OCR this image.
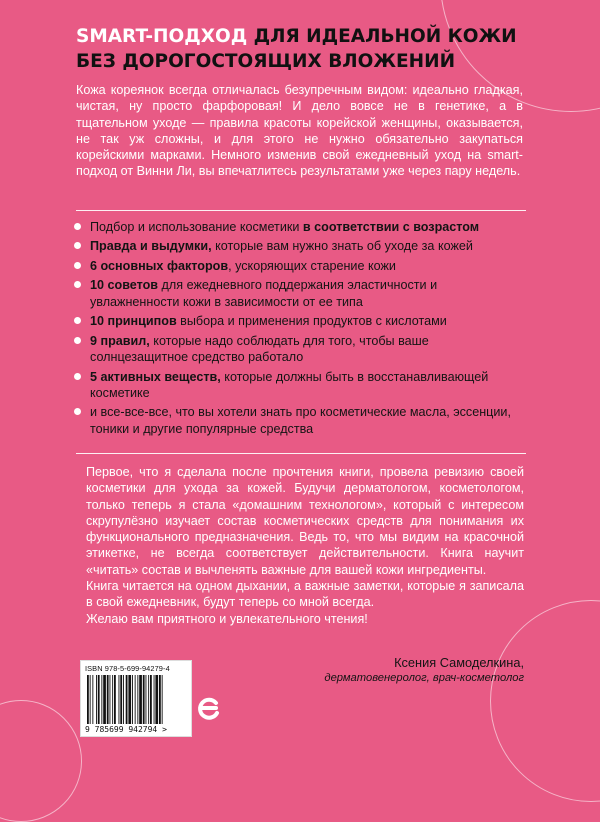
SMART-ПОДХОД ДЛЯ ИДЕАЛЬНОЙ КОЖИ
БЕЗ ДОРОГОСТОЯЩИХ ВЛОЖЕНИЙ

Кожа кореянок всегда отличалась безупречным видом: идеально гладкая, чистая, ну просто фарфоровая! И дело вовсе не в генетике, а в тщательном уходе — правила красоты корейской женщины, оказывается, не так уж сложны, и для этого не нужно обязательно закупаться корейскими марками. Немного изменив свой ежедневный уход на smart-подход от Винни Ли, вы впечатлитесь результатами уже через пару недель.

Подбор и использование косметики в соответствии с возрастом
Правда и выдумки, которые вам нужно знать об уходе за кожей
6 основных факторов, ускоряющих старение кожи
10 советов для ежедневного поддержания эластичности и увлажненности кожи в зависимости от ее типа
10 принципов выбора и применения продуктов с кислотами
9 правил, которые надо соблюдать для того, чтобы ваше солнцезащитное средство работало
5 активных веществ, которые должны быть в восстанавливающей косметике
и все-все-все, что вы хотели знать про косметические масла, эссенции, тоники и другие популярные средства

Первое, что я сделала после прочтения книги, провела ревизию своей косметики для ухода за кожей. Будучи дерматологом, косметологом, только теперь я стала «домашним технологом», который с интересом скрупулёзно изучает состав косметических средств для понимания их функционального предназначения. Ведь то, что мы видим на красочной этикетке, не всегда соответствует действительности. Книга научит «читать» состав и вычленять важные для вашей кожи ингредиенты.

Книга читается на одном дыхании, а важные заметки, которые я записала в свой ежедневник, будут теперь со мной всегда.

Желаю вам приятного и увлекательного чтения!

Ксения Самоделкина,
дерматовенеролог, врач-косметолог
ISBN 978-5-699-94279-4
9 785699 942794 >
